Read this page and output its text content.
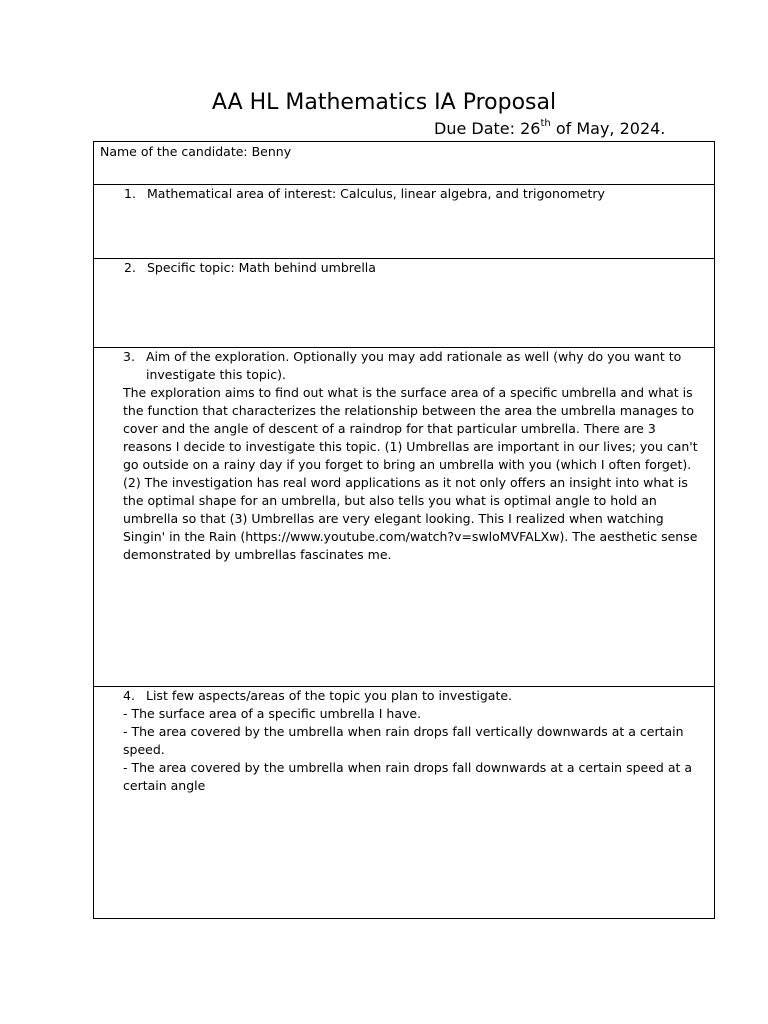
AA HL Mathematics IA Proposal
Due Date: 26th of May, 2024.
Name of the candidate: Benny
1. Mathematical area of interest: Calculus, linear algebra, and trigonometry
2. Specific topic: Math behind umbrella
3. Aim of the exploration. Optionally you may add rationale as well (why do you want to investigate this topic).

The exploration aims to find out what is the surface area of a specific umbrella and what is the function that characterizes the relationship between the area the umbrella manages to cover and the angle of descent of a raindrop for that particular umbrella. There are 3 reasons I decide to investigate this topic. (1) Umbrellas are important in our lives; you can't go outside on a rainy day if you forget to bring an umbrella with you (which I often forget). (2) The investigation has real word applications as it not only offers an insight into what is the optimal shape for an umbrella, but also tells you what is optimal angle to hold an umbrella so that (3) Umbrellas are very elegant looking. This I realized when watching Singin' in the Rain (https://www.youtube.com/watch?v=swloMVFALXw). The aesthetic sense demonstrated by umbrellas fascinates me.

4. List few aspects/areas of the topic you plan to investigate.

- The surface area of a specific umbrella I have.

- The area covered by the umbrella when rain drops fall vertically downwards at a certain speed.

- The area covered by the umbrella when rain drops fall downwards at a certain speed at a certain angle
